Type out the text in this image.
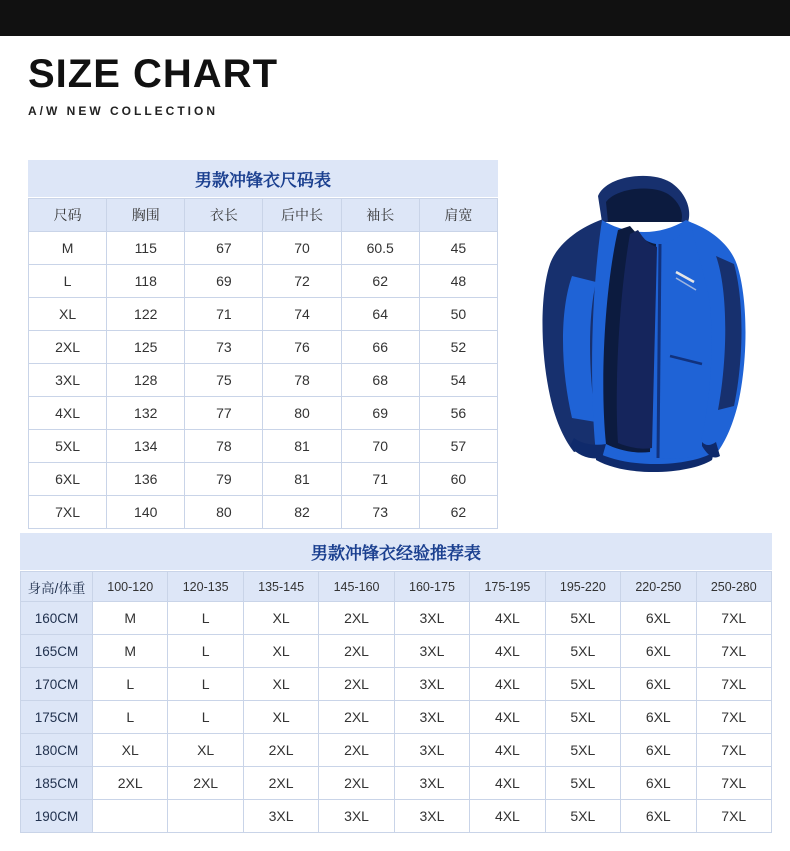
SIZE CHART
A/W NEW COLLECTION
男款冲锋衣尺码表
尺码	胸围	衣长	后中长	袖长	肩宽
M	115	67	70	60.5	45
L	118	69	72	62	48
XL	122	71	74	64	50
2XL	125	73	76	66	52
3XL	128	75	78	68	54
4XL	132	77	80	69	56
5XL	134	78	81	70	57
6XL	136	79	81	71	60
7XL	140	80	82	73	62
男款冲锋衣经验推荐表
身高/体重	100-120	120-135	135-145	145-160	160-175	175-195	195-220	220-250	250-280
160CM	M	L	XL	2XL	3XL	4XL	5XL	6XL	7XL
165CM	M	L	XL	2XL	3XL	4XL	5XL	6XL	7XL
170CM	L	L	XL	2XL	3XL	4XL	5XL	6XL	7XL
175CM	L	L	XL	2XL	3XL	4XL	5XL	6XL	7XL
180CM	XL	XL	2XL	2XL	3XL	4XL	5XL	6XL	7XL
185CM	2XL	2XL	2XL	2XL	3XL	4XL	5XL	6XL	7XL
190CM			3XL	3XL	3XL	4XL	5XL	6XL	7XL
